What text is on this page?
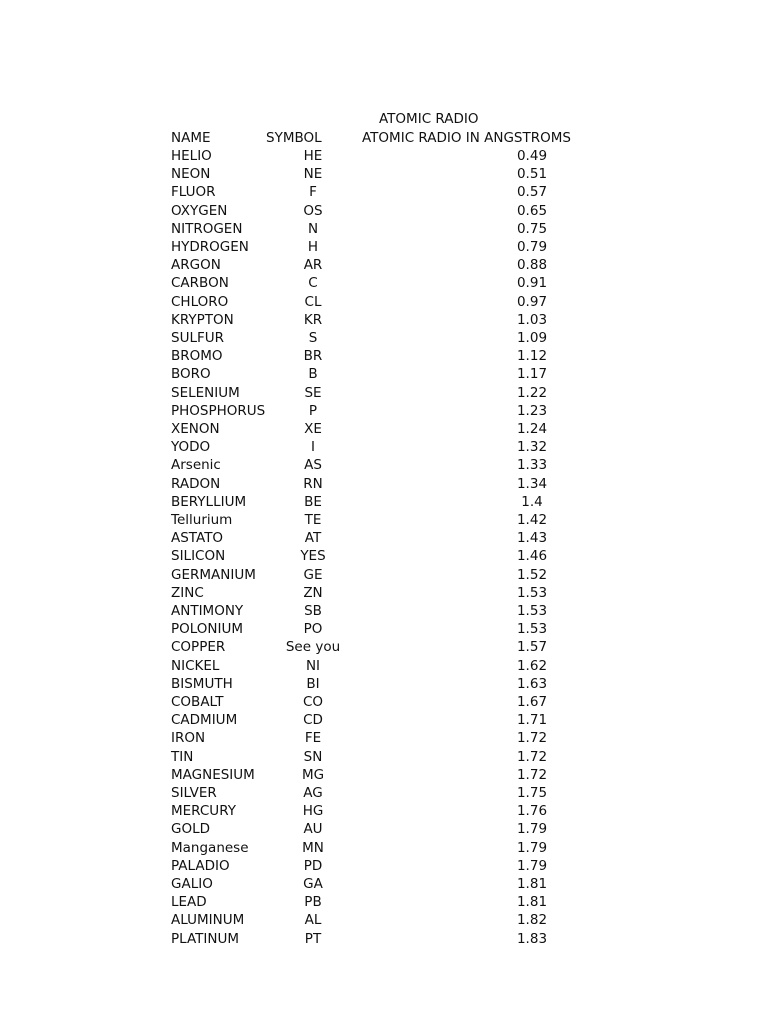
ATOMIC RADIO
NAME	SYMBOL	ATOMIC RADIO IN ANGSTROMS
HELIO	HE	0.49
NEON	NE	0.51
FLUOR	F	0.57
OXYGEN	OS	0.65
NITROGEN	N	0.75
HYDROGEN	H	0.79
ARGON	AR	0.88
CARBON	C	0.91
CHLORO	CL	0.97
KRYPTON	KR	1.03
SULFUR	S	1.09
BROMO	BR	1.12
BORO	B	1.17
SELENIUM	SE	1.22
PHOSPHORUS	P	1.23
XENON	XE	1.24
YODO	I	1.32
Arsenic	AS	1.33
RADON	RN	1.34
BERYLLIUM	BE	1.4
Tellurium	TE	1.42
ASTATO	AT	1.43
SILICON	YES	1.46
GERMANIUM	GE	1.52
ZINC	ZN	1.53
ANTIMONY	SB	1.53
POLONIUM	PO	1.53
COPPER	See you	1.57
NICKEL	NI	1.62
BISMUTH	BI	1.63
COBALT	CO	1.67
CADMIUM	CD	1.71
IRON	FE	1.72
TIN	SN	1.72
MAGNESIUM	MG	1.72
SILVER	AG	1.75
MERCURY	HG	1.76
GOLD	AU	1.79
Manganese	MN	1.79
PALADIO	PD	1.79
GALIO	GA	1.81
LEAD	PB	1.81
ALUMINUM	AL	1.82
PLATINUM	PT	1.83
